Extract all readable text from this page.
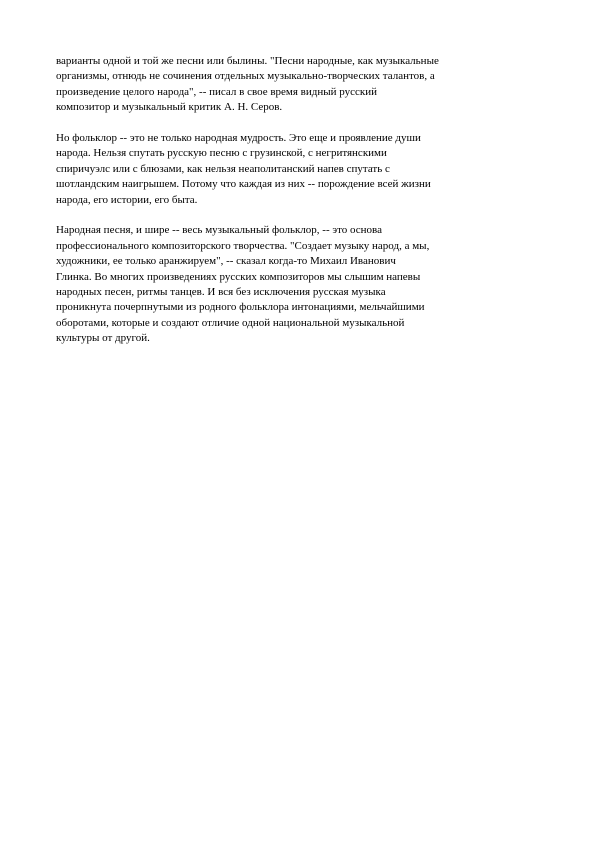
варианты одной и той же песни или былины. "Песни народные, как музыкальные
организмы, отнюдь не сочинения отдельных музыкально-творческих талантов, а
произведение целого народа", -- писал в свое время видный русский
композитор и музыкальный критик А. Н. Серов.

Но фольклор -- это не только народная мудрость. Это еще и проявление души
народа. Нельзя спутать русскую песню с грузинской, с негритянскими
спиричуэлс или с блюзами, как нельзя неаполитанский напев спутать с
шотландским наигрышем. Потому что каждая из них -- порождение всей жизни
народа, его истории, его быта.

Народная песня, и шире -- весь музыкальный фольклор, -- это основа
профессионального композиторского творчества. "Создает музыку народ, а мы,
художники, ее только аранжируем", -- сказал когда-то Михаил Иванович
Глинка. Во многих произведениях русских композиторов мы слышим напевы
народных песен, ритмы танцев. И вся без исключения русская музыка
проникнута почерпнутыми из родного фольклора интонациями, мельчайшими
оборотами, которые и создают отличие одной национальной музыкальной
культуры от другой.
